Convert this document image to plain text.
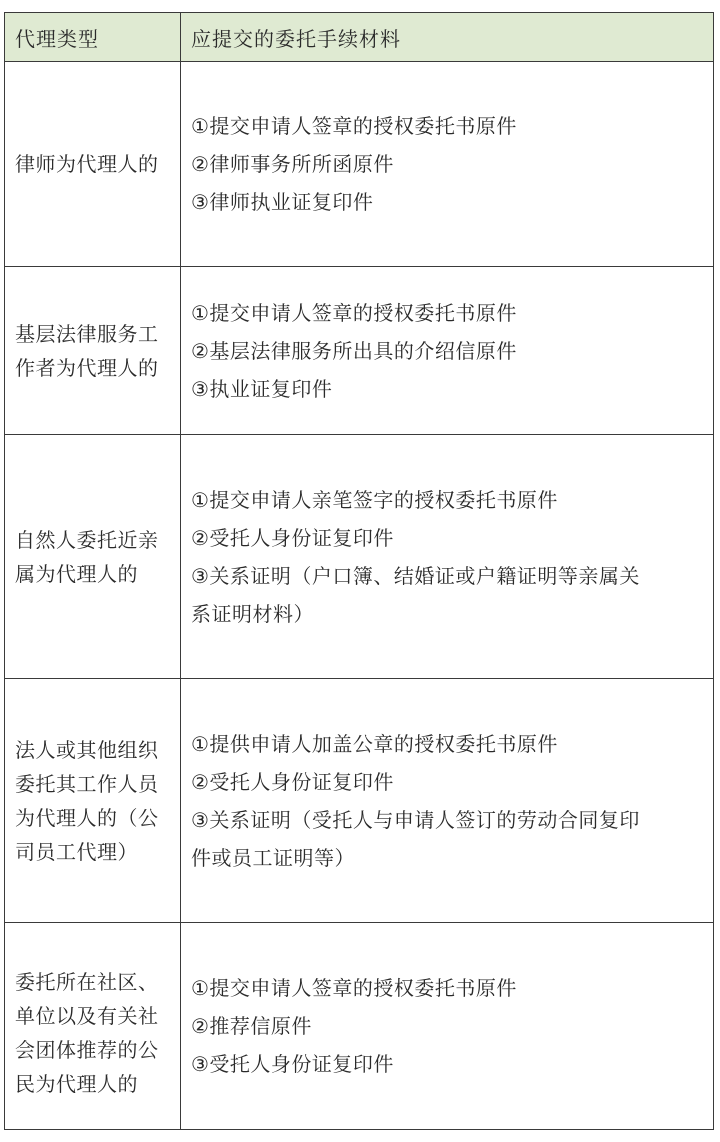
代理类型	应提交的委托手续材料

律师为代理人的	①提交申请人签章的授权委托书原件
②律师事务所所函原件
③律师执业证复印件

基层法律服务工
作者为代理人的	①提交申请人签章的授权委托书原件
②基层法律服务所出具的介绍信原件
③执业证复印件

自然人委托近亲
属为代理人的	①提交申请人亲笔签字的授权委托书原件
②受托人身份证复印件
③关系证明（户口簿、结婚证或户籍证明等亲属关
系证明材料）

法人或其他组织
委托其工作人员
为代理人的（公
司员工代理）	①提供申请人加盖公章的授权委托书原件
②受托人身份证复印件
③关系证明（受托人与申请人签订的劳动合同复印
件或员工证明等）

委托所在社区、
单位以及有关社
会团体推荐的公
民为代理人的	①提交申请人签章的授权委托书原件
②推荐信原件
③受托人身份证复印件
